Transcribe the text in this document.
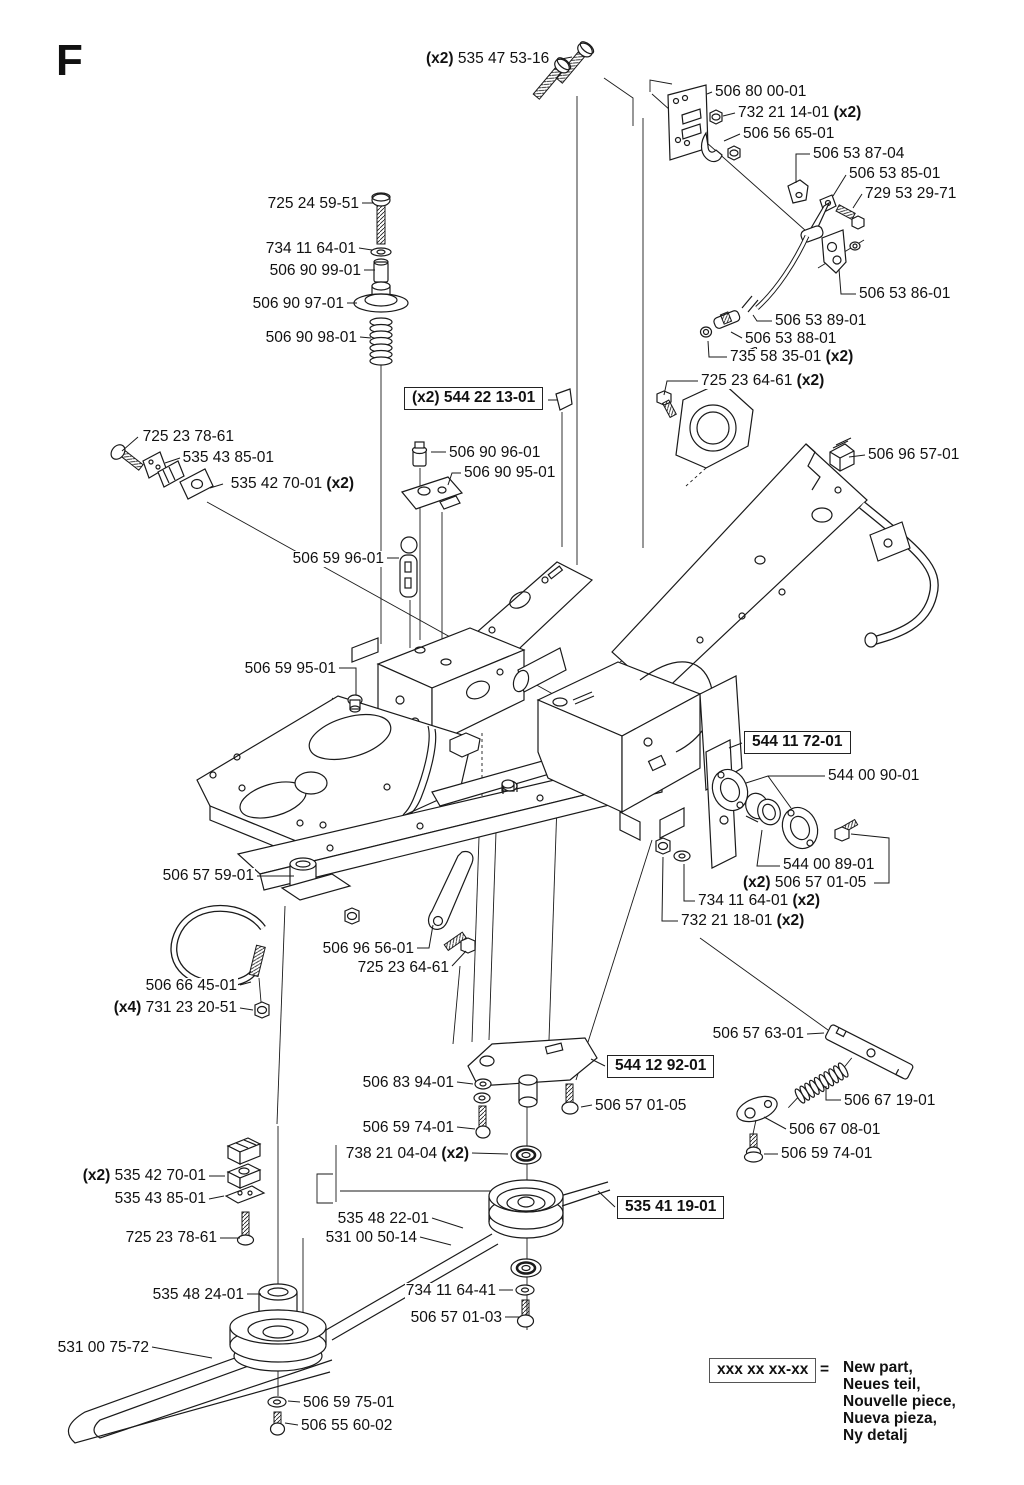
F	(x2) 535 47 53-16
506 80 00-01
732 21 14-01 (x2)
506 56 65-01
506 53 87-04
506 53 85-01
729 53 29-71
506 53 86-01
506 53 89-01
506 53 88-01
735 58 35-01 (x2)
725 23 64-61 (x2)
725 24 59-51
734 11 64-01
506 90 99-01
506 90 97-01
506 90 98-01
(x2) 544 22 13-01
725 23 78-61
535 43 85-01
535 42 70-01 (x2)
506 90 96-01
506 90 95-01
506 96 57-01
506 59 96-01
506 59 95-01
544 11 72-01
544 00 90-01
544 00 89-01
(x2) 506 57 01-05
734 11 64-01 (x2)
732 21 18-01 (x2)
506 57 59-01
506 96 56-01
725 23 64-61
506 66 45-01
(x4) 731 23 20-51
506 57 63-01
506 83 94-01
544 12 92-01
506 57 01-05	506 67 19-01
506 67 08-01
506 59 74-01
506 59 74-01
738 21 04-04 (x2)
(x2) 535 42 70-01
535 43 85-01
535 48 22-01
725 23 78-61	531 00 50-14
535 41 19-01
535 48 24-01	734 11 64-41
506 57 01-03
531 00 75-72
506 59 75-01
506 55 60-02
xxx xx xx-xx = New part,
Neues teil,
Nouvelle piece,
Nueva pieza,
Ny detalj
